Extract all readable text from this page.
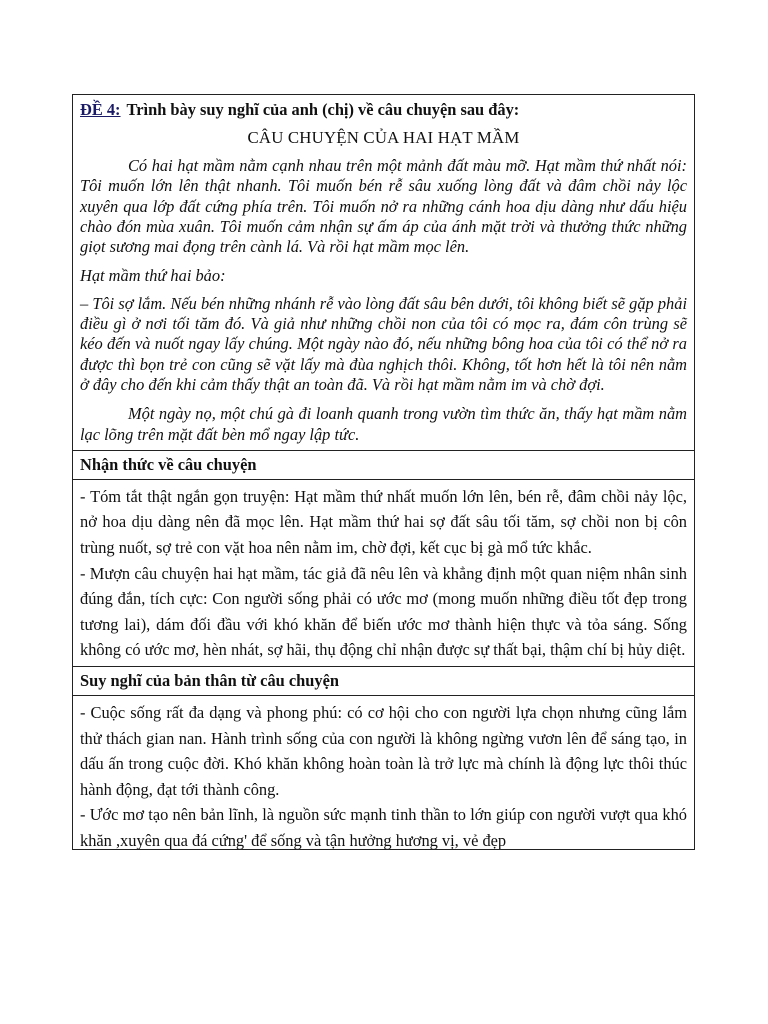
ĐỀ 4: Trình bày suy nghĩ của anh (chị) về câu chuyện sau đây:
CÂU CHUYỆN CỦA HAI HẠT MẦM

Có hai hạt mầm nằm cạnh nhau trên một mảnh đất màu mỡ. Hạt mầm thứ nhất nói: Tôi muốn lớn lên thật nhanh. Tôi muốn bén rễ sâu xuống lòng đất và đâm chồi nảy lộc xuyên qua lớp đất cứng phía trên. Tôi muốn nở ra những cánh hoa dịu dàng như dấu hiệu chào đón mùa xuân. Tôi muốn cảm nhận sự ấm áp của ánh mặt trời và thưởng thức những giọt sương mai đọng trên cành lá. Và rồi hạt mầm mọc lên.

Hạt mầm thứ hai bảo:

– Tôi sợ lắm. Nếu bén những nhánh rễ vào lòng đất sâu bên dưới, tôi không biết sẽ gặp phải điều gì ở nơi tối tăm đó. Và giả như những chồi non của tôi có mọc ra, đám côn trùng sẽ kéo đến và nuốt ngay lấy chúng. Một ngày nào đó, nếu những bông hoa của tôi có thể nở ra được thì bọn trẻ con cũng sẽ vặt lấy mà đùa nghịch thôi. Không, tốt hơn hết là tôi nên nằm ở đây cho đến khi cảm thấy thật an toàn đã. Và rồi hạt mầm nằm im và chờ đợi.

Một ngày nọ, một chú gà đi loanh quanh trong vườn tìm thức ăn, thấy hạt mầm nằm lạc lõng trên mặt đất bèn mổ ngay lập tức.

Nhận thức về câu chuyện

- Tóm tắt thật ngắn gọn truyện: Hạt mầm thứ nhất muốn lớn lên, bén rễ, đâm chồi nảy lộc, nở hoa dịu dàng nên đã mọc lên. Hạt mầm thứ hai sợ đất sâu tối tăm, sợ chồi non bị côn trùng nuốt, sợ trẻ con vặt hoa nên nằm im, chờ đợi, kết cục bị gà mổ tức khắc.

- Mượn câu chuyện hai hạt mầm, tác giả đã nêu lên và khẳng định một quan niệm nhân sinh đúng đắn, tích cực: Con người sống phải có ước mơ (mong muốn những điều tốt đẹp trong tương lai), dám đối đầu với khó khăn để biến ước mơ thành hiện thực và tỏa sáng. Sống không có ước mơ, hèn nhát, sợ hãi, thụ động chỉ nhận được sự thất bại, thậm chí bị hủy diệt.

Suy nghĩ của bản thân từ câu chuyện

- Cuộc sống rất đa dạng và phong phú: có cơ hội cho con người lựa chọn nhưng cũng lắm thử thách gian nan. Hành trình sống của con người là không ngừng vươn lên để sáng tạo, in dấu ấn trong cuộc đời. Khó khăn không hoàn toàn là trở lực mà chính là động lực thôi thúc hành động, đạt tới thành công.

- Ước mơ tạo nên bản lĩnh, là nguồn sức mạnh tinh thần to lớn giúp con người vượt qua khó khăn ,xuyên qua đá cứng' để sống và tận hưởng hương vị, vẻ đẹp
